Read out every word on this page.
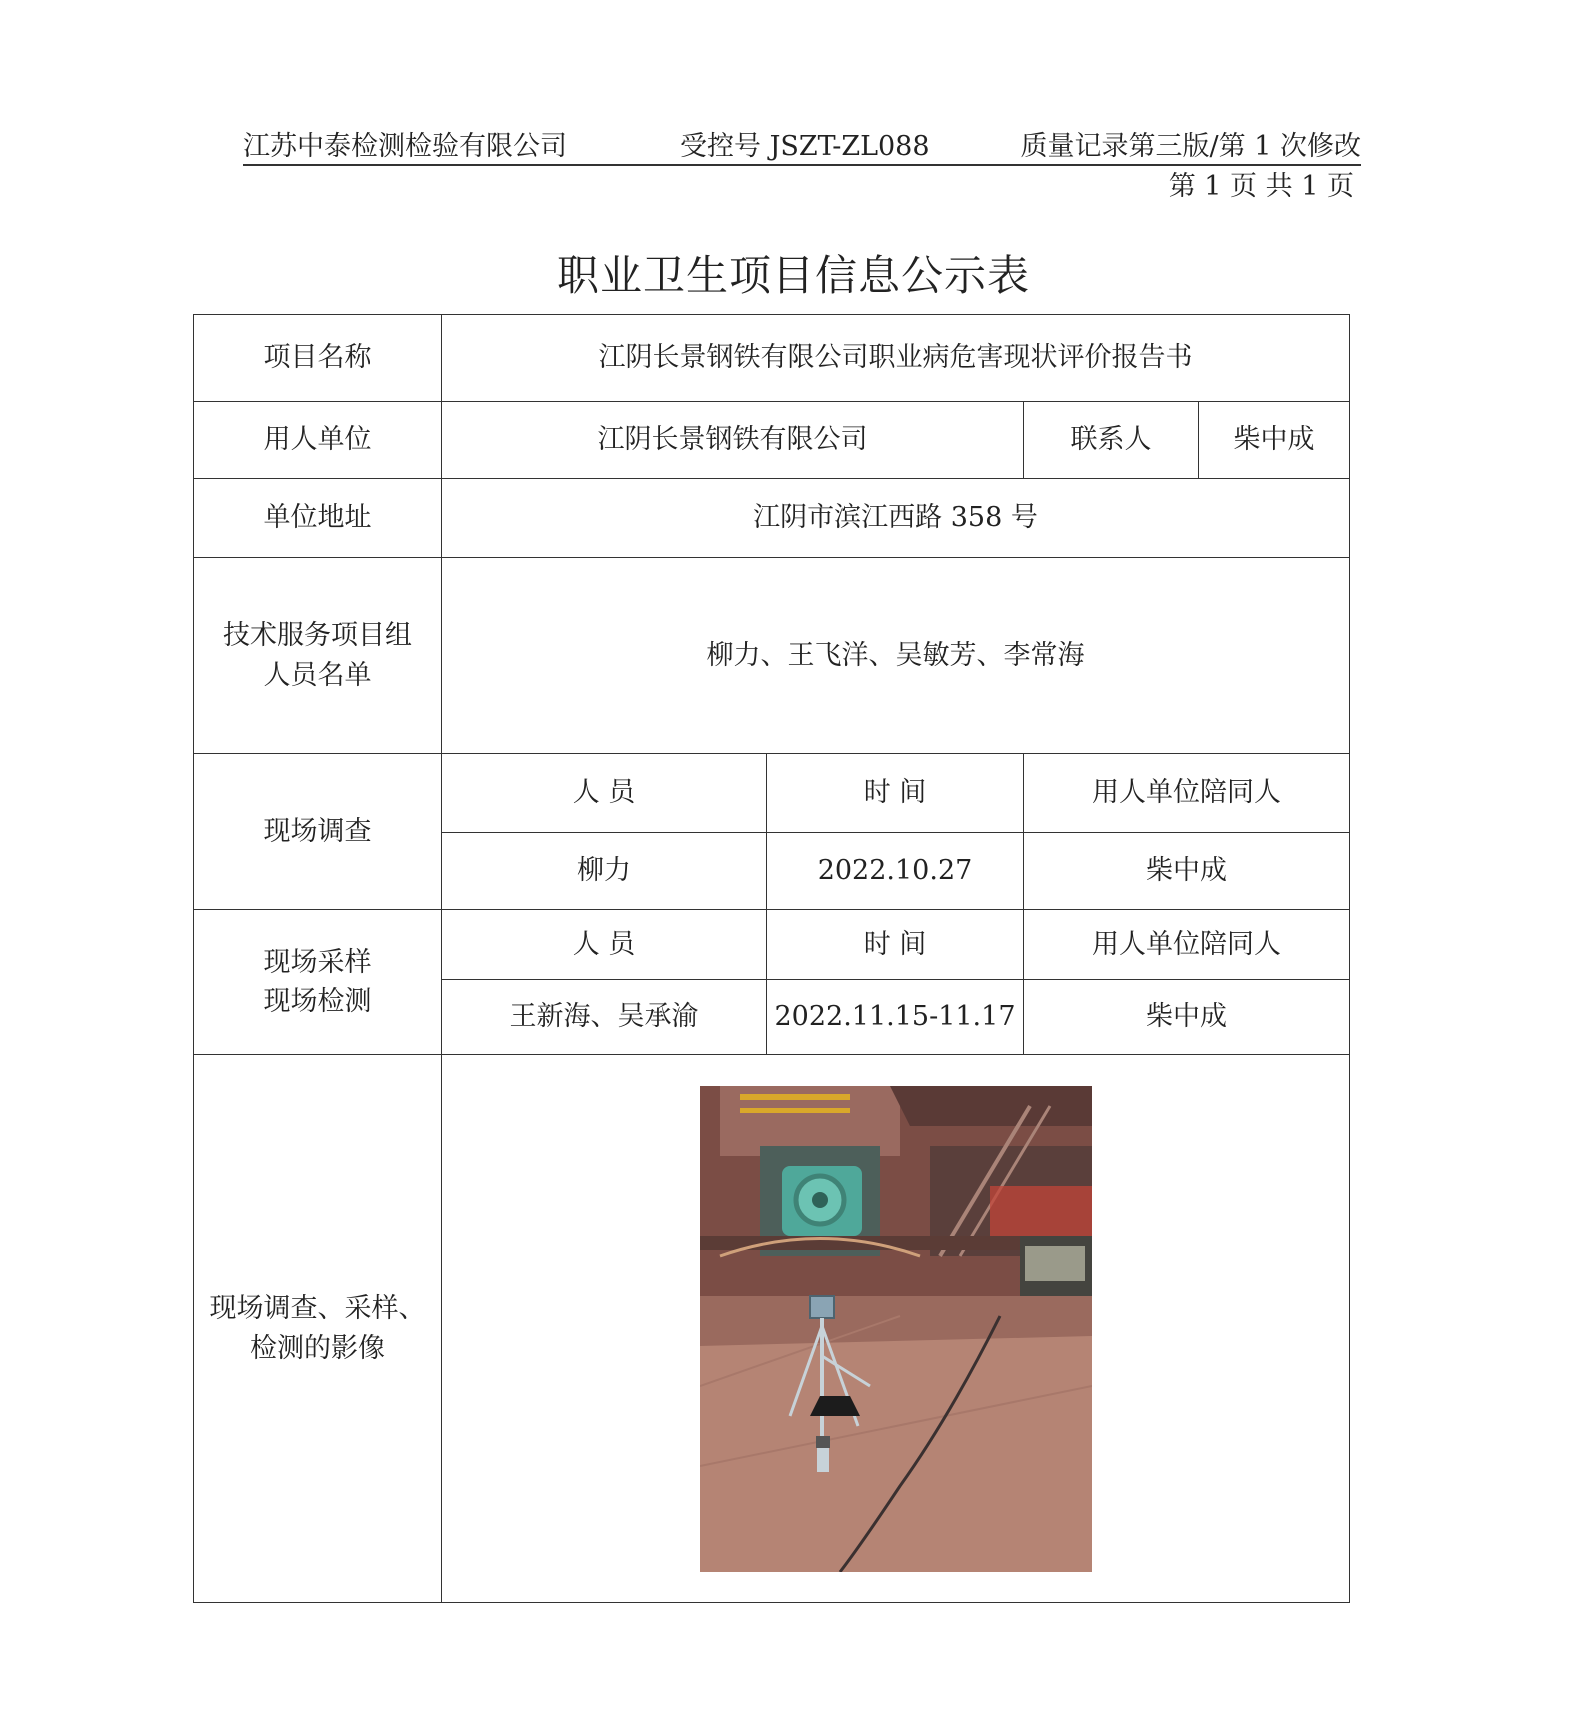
江苏中泰检测检验有限公司	受控号 JSZT-ZL088	质量记录第三版/第 1 次修改
第 1 页 共 1 页
职业卫生项目信息公示表
项目名称	江阴长景钢铁有限公司职业病危害现状评价报告书			
用人单位	江阴长景钢铁有限公司		联系人	柴中成
单位地址	江阴市滨江西路 358 号			

技术服务项目组
人员名单	柳力、王飞洋、吴敏芳、李常海			
现场调查	人 员	时 间	用人单位陪同人	
	柳力	2022.10.27	柴中成	

现场采样
现场检测	人 员	时 间	用人单位陪同人	
	王新海、吴承渝	2022.11.15-11.17	柴中成	

现场调查、采样、
检测的影像
